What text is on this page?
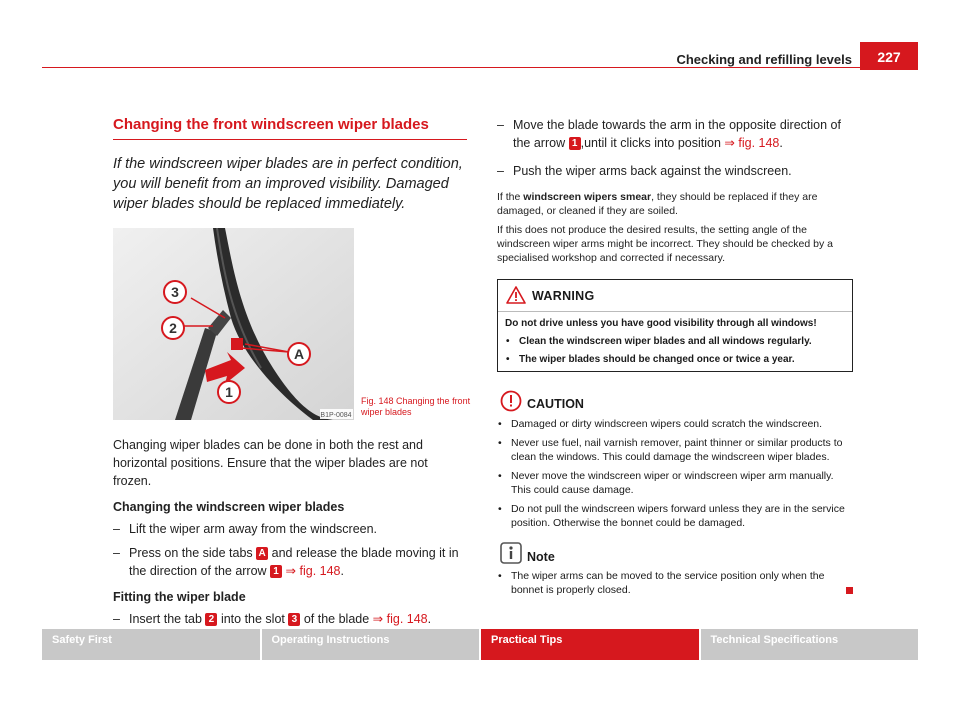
Checking and refilling levels	227
Changing the front windscreen wiper blades
If the windscreen wiper blades are in perfect condition, you will benefit from an improved visibility. Damaged wiper blades should be replaced immediately.
3
2
A
1
B1P-0084
Fig. 148 Changing the front wiper blades
Changing wiper blades can be done in both the rest and horizontal positions. Ensure that the wiper blades are not frozen.
Changing the windscreen wiper blades
– Lift the wiper arm away from the windscreen.
– Press on the side tabs A and release the blade moving it in the direction of the arrow 1 ⇒ fig. 148.
Fitting the wiper blade
– Insert the tab 2 into the slot 3 of the blade ⇒ fig. 148.
– Move the blade towards the arm in the opposite direction of the arrow 1 ,until it clicks into position ⇒ fig. 148.
– Push the wiper arms back against the windscreen.
If the windscreen wipers smear, they should be replaced if they are damaged, or cleaned if they are soiled.
If this does not produce the desired results, the setting angle of the windscreen wiper arms might be incorrect. They should be checked by a specialised workshop and corrected if necessary.
WARNING
Do not drive unless you have good visibility through all windows!
• Clean the windscreen wiper blades and all windows regularly.
• The wiper blades should be changed once or twice a year.
CAUTION
• Damaged or dirty windscreen wipers could scratch the windscreen.
• Never use fuel, nail varnish remover, paint thinner or similar products to clean the windows. This could damage the windscreen wiper blades.
• Never move the windscreen wiper or windscreen wiper arm manually. This could cause damage.
• Do not pull the windscreen wipers forward unless they are in the service position. Otherwise the bonnet could be damaged.
Note
• The wiper arms can be moved to the service position only when the bonnet is properly closed.
Safety First	Operating Instructions	Practical Tips	Technical Specifications
